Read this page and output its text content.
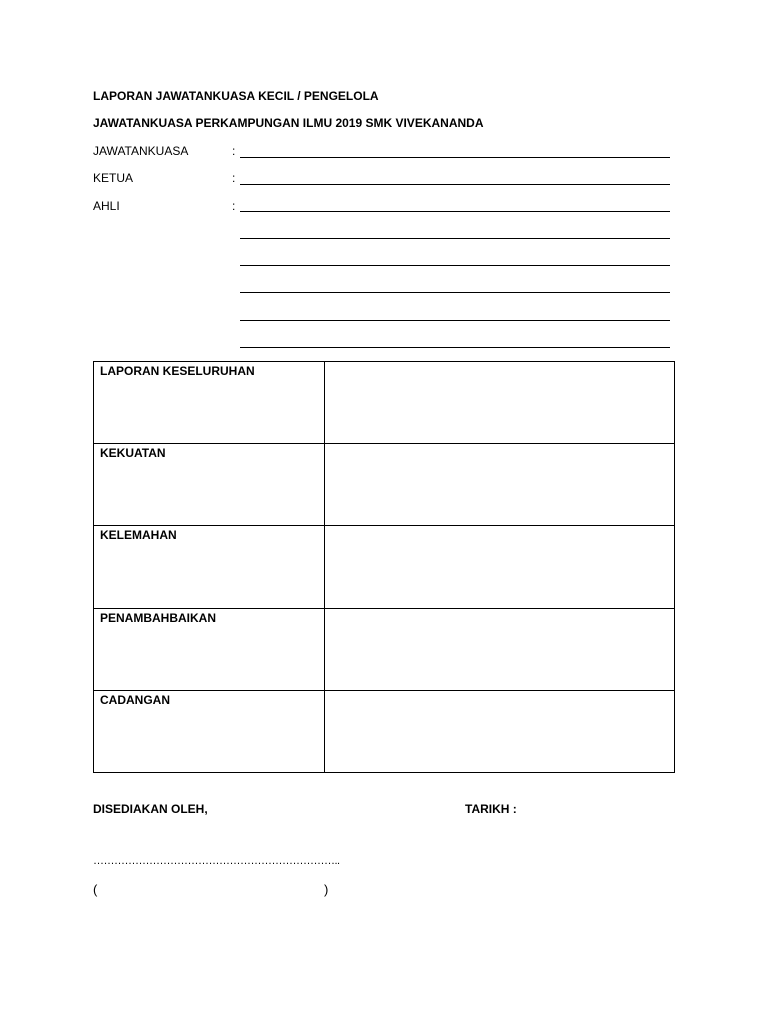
LAPORAN JAWATANKUASA KECIL / PENGELOLA
JAWATANKUASA PERKAMPUNGAN ILMU 2019 SMK VIVEKANANDA
JAWATANKUASA	:
KETUA	:
AHLI	:
LAPORAN KESELURUHAN	
KEKUATAN	
KELEMAHAN	
PENAMBAHBAIKAN	
CADANGAN	
DISEDIAKAN OLEH,	TARIKH :
……………………………………………………………..
(	)
